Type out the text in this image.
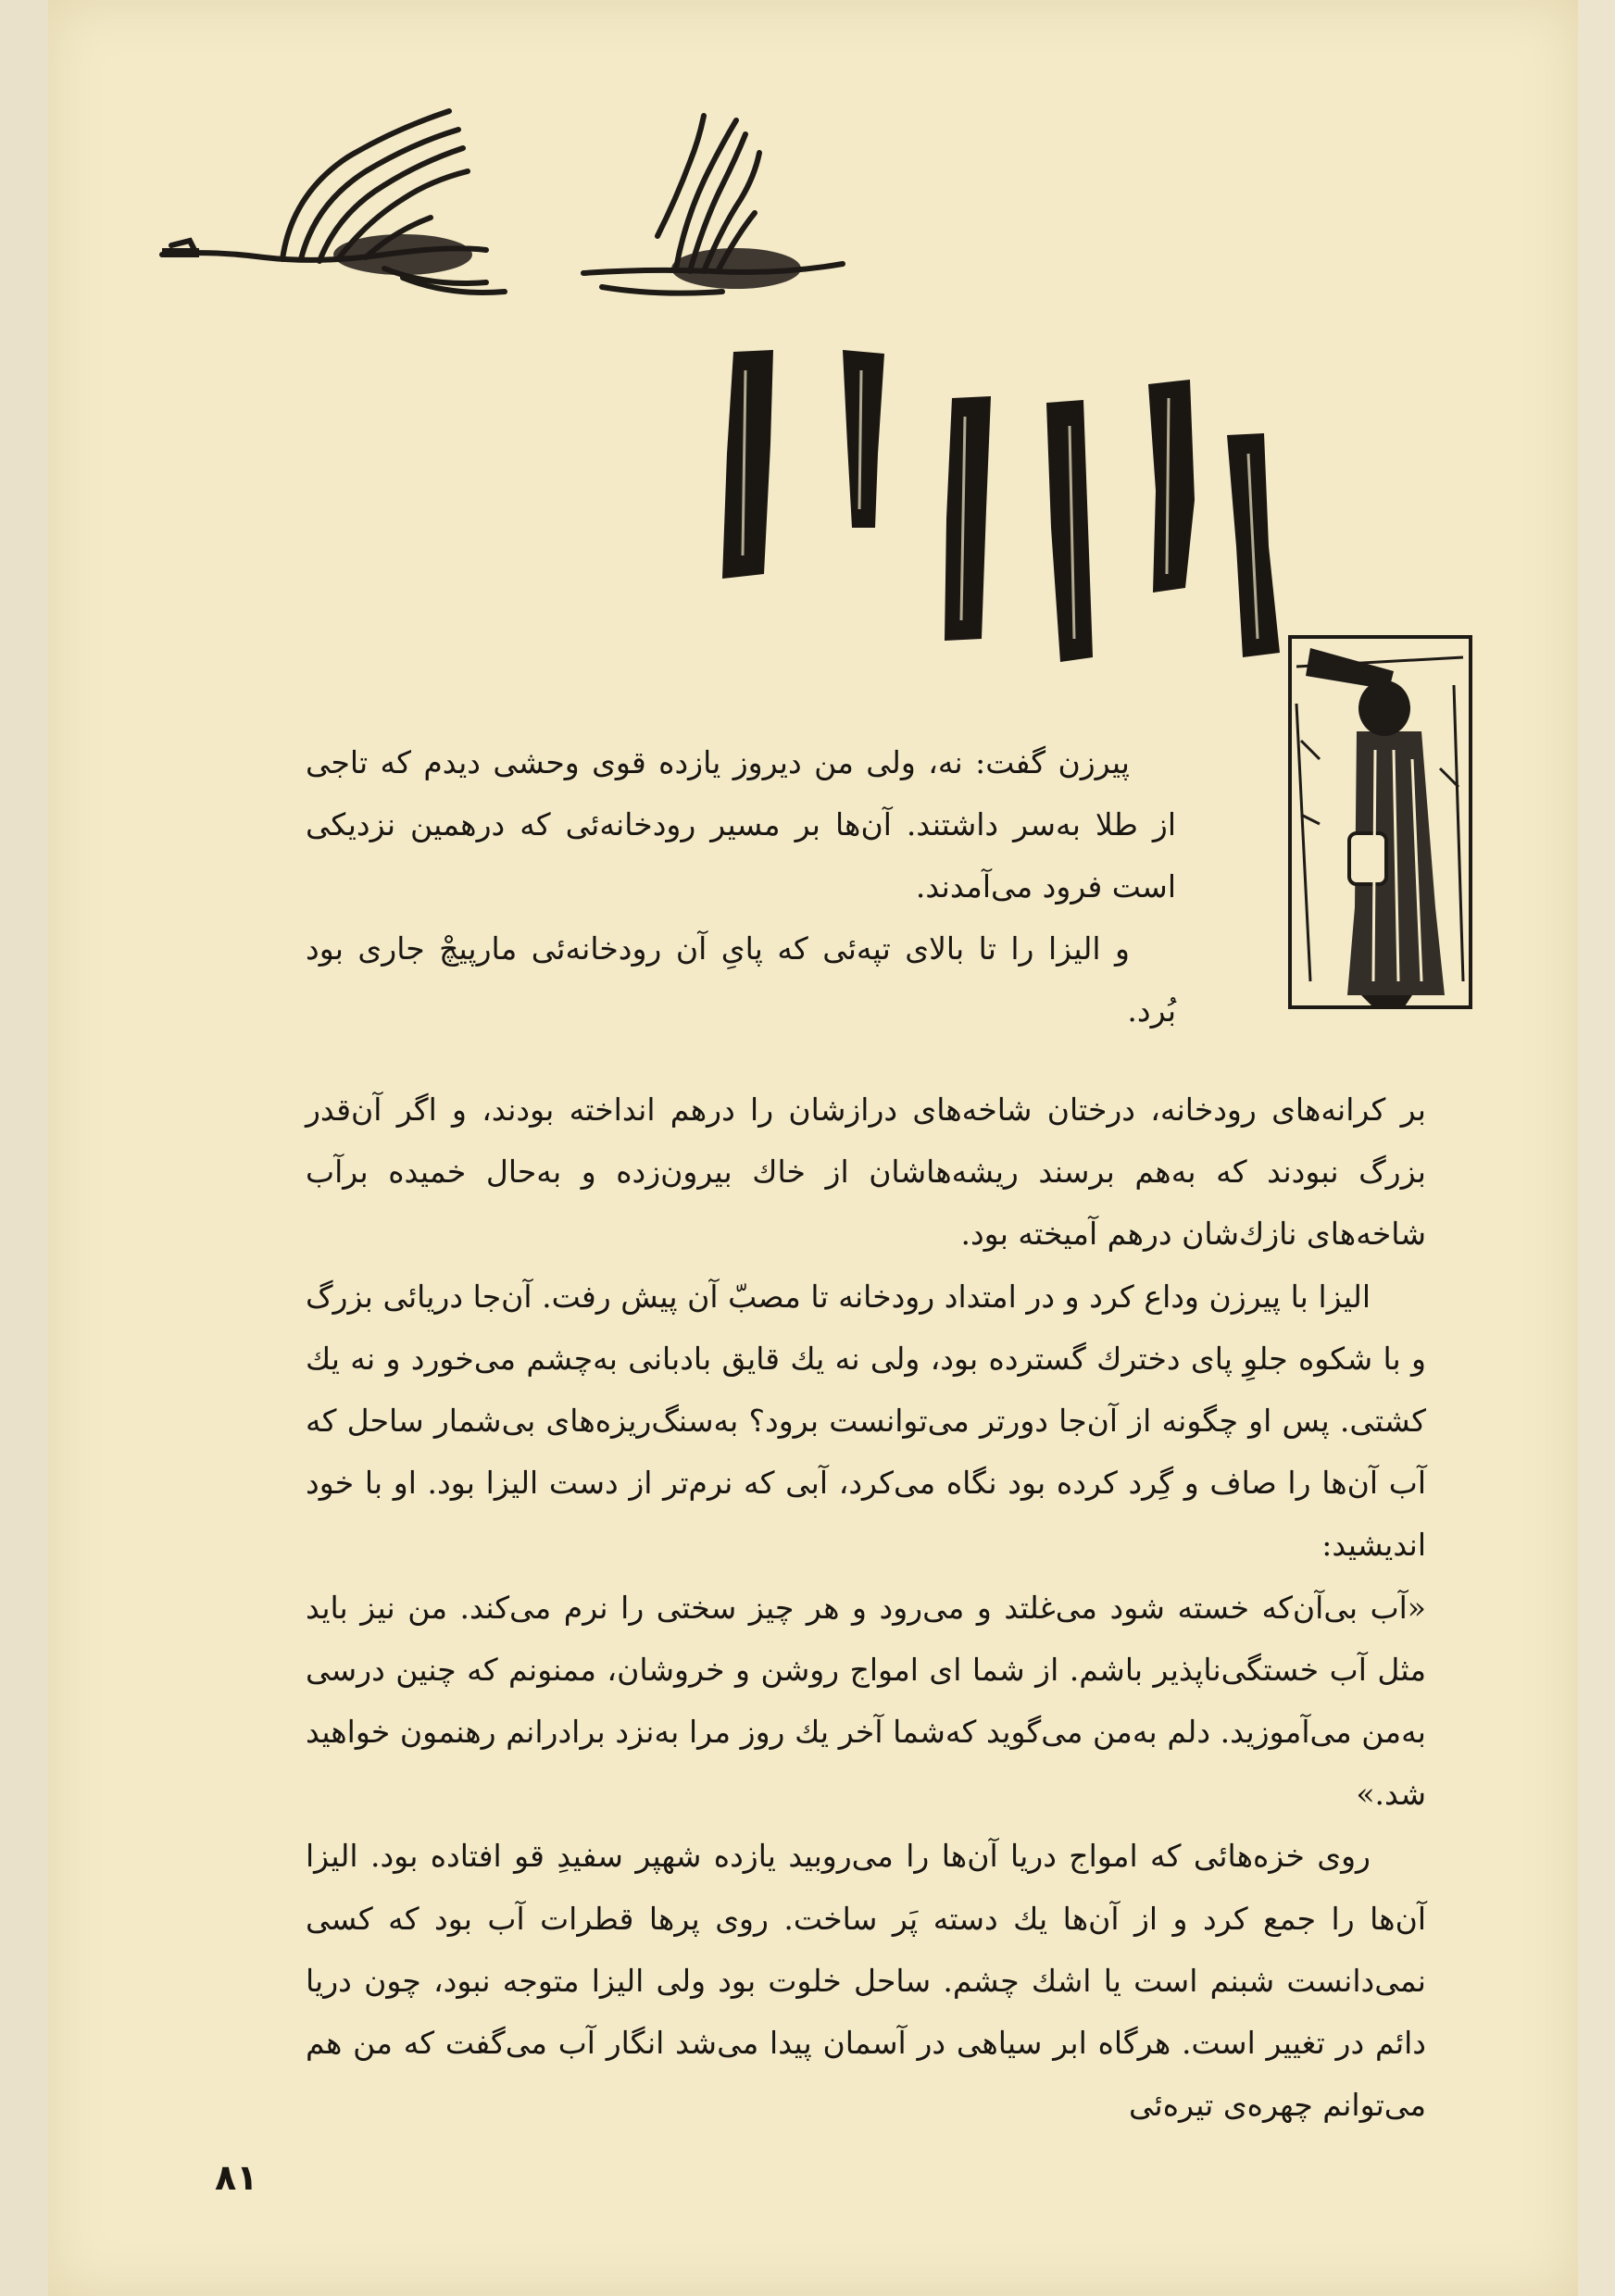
پیرزن گفت: نه، ولی من دیروز یازده قوی وحشی دیدم که تاجی از طلا به‌سر داشتند. آن‌ها بر مسیر رودخانه‌ئی که درهمین نزدیکی است فرود می‌آمدند.

و الیزا را تا بالای تپه‌ئی که پایِ آن رودخانه‌ئی مارپیچْ جاری بود بُرد.

بر کرانه‌های رودخانه، درختان شاخه‌های درازشان را درهم انداخته بودند، و اگر آن‌قدر بزرگ نبودند که به‌هم برسند ریشه‌هاشان از خاك بیرون‌زده و به‌حال خمیده برآب شاخه‌های نازك‌شان درهم آمیخته بود.

الیزا با پیرزن وداع کرد و در امتداد رودخانه تا مصبّ آن پیش رفت. آن‌جا دریائی بزرگ و با شکوه جلوِ پای دخترك گسترده بود، ولی نه یك قایق بادبانی به‌چشم می‌خورد و نه یك کشتی. پس او چگونه از آن‌جا دورتر می‌توانست برود؟ به‌سنگ‌ریزه‌های بی‌شمار ساحل که آب آن‌ها را صاف و گِرد کرده بود نگاه می‌کرد، آبی که نرم‌تر از دست الیزا بود. او با خود اندیشید:

«آب بی‌آن‌که خسته شود می‌غلتد و می‌رود و هر چیز سختی را نرم می‌کند. من نیز باید مثل آب خستگی‌ناپذیر باشم. از شما ای امواج روشن و خروشان، ممنونم که چنین درسی به‌من می‌آموزید. دلم به‌من می‌گوید که‌شما آخر یك روز مرا به‌نزد برادرانم رهنمون خواهید شد.»

روی خزه‌هائی که امواج دریا آن‌ها را می‌روبید یازده شهپر سفیدِ قو افتاده بود. الیزا آن‌ها را جمع کرد و از آن‌ها یك دسته پَر ساخت. روی پرها قطرات آب بود که کسی نمی‌دانست شبنم است یا اشك چشم. ساحل خلوت بود ولی الیزا متوجه نبود، چون دریا دائم در تغییر است. هرگاه ابر سیاهی در آسمان پیدا می‌شد انگار آب می‌گفت که من هم می‌توانم چهره‌ی تیره‌ئی

۸۱
